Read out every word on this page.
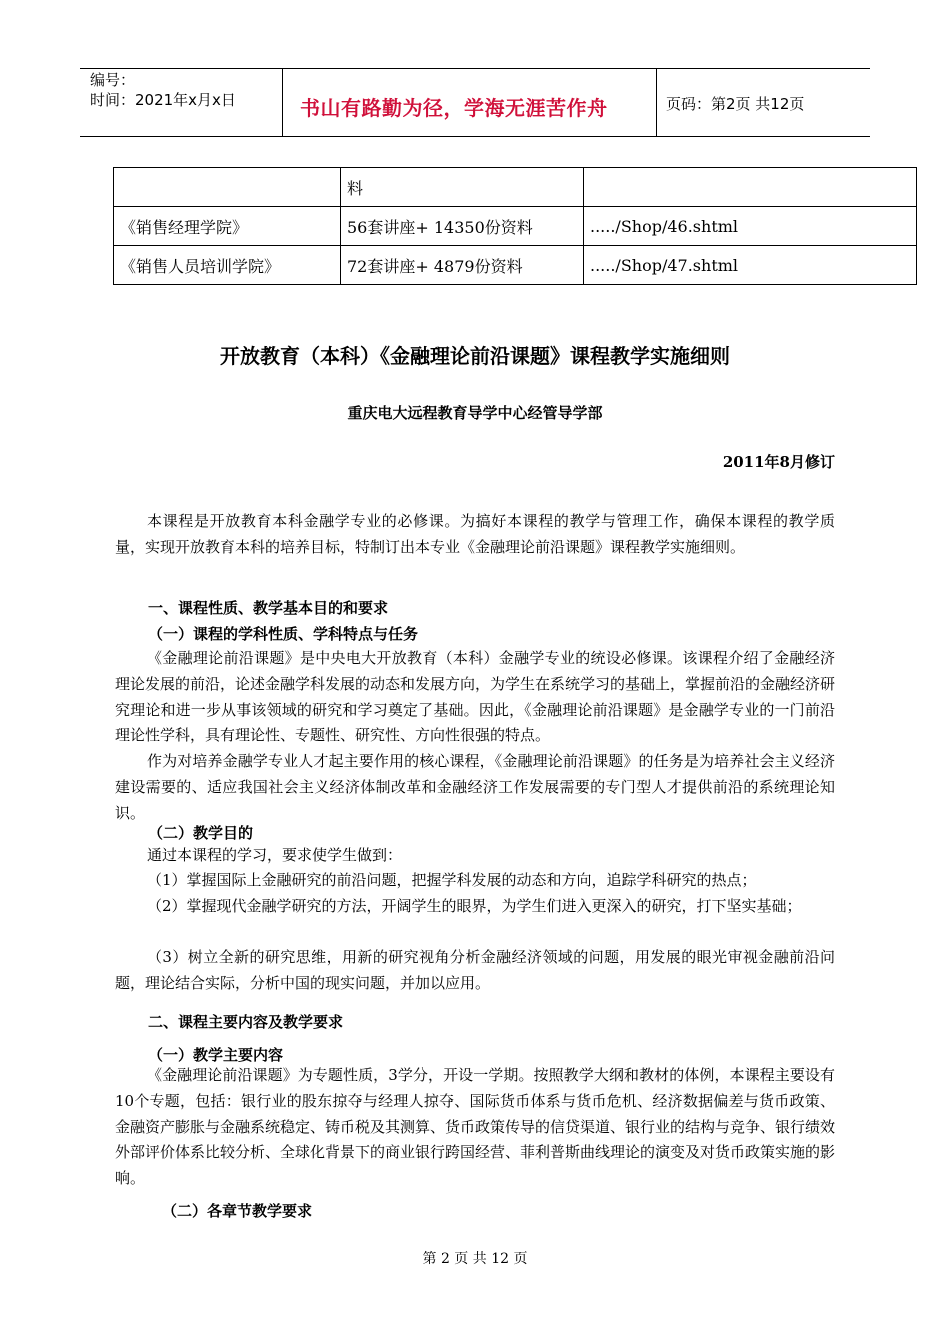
编号：
时间：2021年x月x日	书山有路勤为径，学海无涯苦作舟	页码：第2页 共12页
	料	
《销售经理学院》	56套讲座+ 14350份资料	...../Shop/46.shtml
《销售人员培训学院》	72套讲座+ 4879份资料	...../Shop/47.shtml
开放教育（本科）《金融理论前沿课题》课程教学实施细则
重庆电大远程教育导学中心经管导学部
2011年8月修订
本课程是开放教育本科金融学专业的必修课。为搞好本课程的教学与管理工作，确保本课程的教学质量，实现开放教育本科的培养目标，特制订出本专业《金融理论前沿课题》课程教学实施细则。
一、课程性质、教学基本目的和要求
（一）课程的学科性质、学科特点与任务
《金融理论前沿课题》是中央电大开放教育（本科）金融学专业的统设必修课。该课程介绍了金融经济理论发展的前沿，论述金融学科发展的动态和发展方向，为学生在系统学习的基础上，掌握前沿的金融经济研究理论和进一步从事该领域的研究和学习奠定了基础。因此，《金融理论前沿课题》是金融学专业的一门前沿理论性学科，具有理论性、专题性、研究性、方向性很强的特点。
作为对培养金融学专业人才起主要作用的核心课程，《金融理论前沿课题》的任务是为培养社会主义经济建设需要的、适应我国社会主义经济体制改革和金融经济工作发展需要的专门型人才提供前沿的系统理论知识。
（二）教学目的
通过本课程的学习，要求使学生做到：
（1）掌握国际上金融研究的前沿问题，把握学科发展的动态和方向，追踪学科研究的热点；
（2）掌握现代金融学研究的方法，开阔学生的眼界，为学生们进入更深入的研究，打下坚实基础；
（3）树立全新的研究思维，用新的研究视角分析金融经济领域的问题，用发展的眼光审视金融前沿问题，理论结合实际，分析中国的现实问题，并加以应用。
二、课程主要内容及教学要求
（一）教学主要内容
《金融理论前沿课题》为专题性质，3学分，开设一学期。按照教学大纲和教材的体例，本课程主要设有10个专题，包括：银行业的股东掠夺与经理人掠夺、国际货币体系与货币危机、经济数据偏差与货币政策、金融资产膨胀与金融系统稳定、铸币税及其测算、货币政策传导的信贷渠道、银行业的结构与竞争、银行绩效外部评价体系比较分析、全球化背景下的商业银行跨国经营、菲利普斯曲线理论的演变及对货币政策实施的影响。
（二）各章节教学要求
第 2 页 共 12 页
